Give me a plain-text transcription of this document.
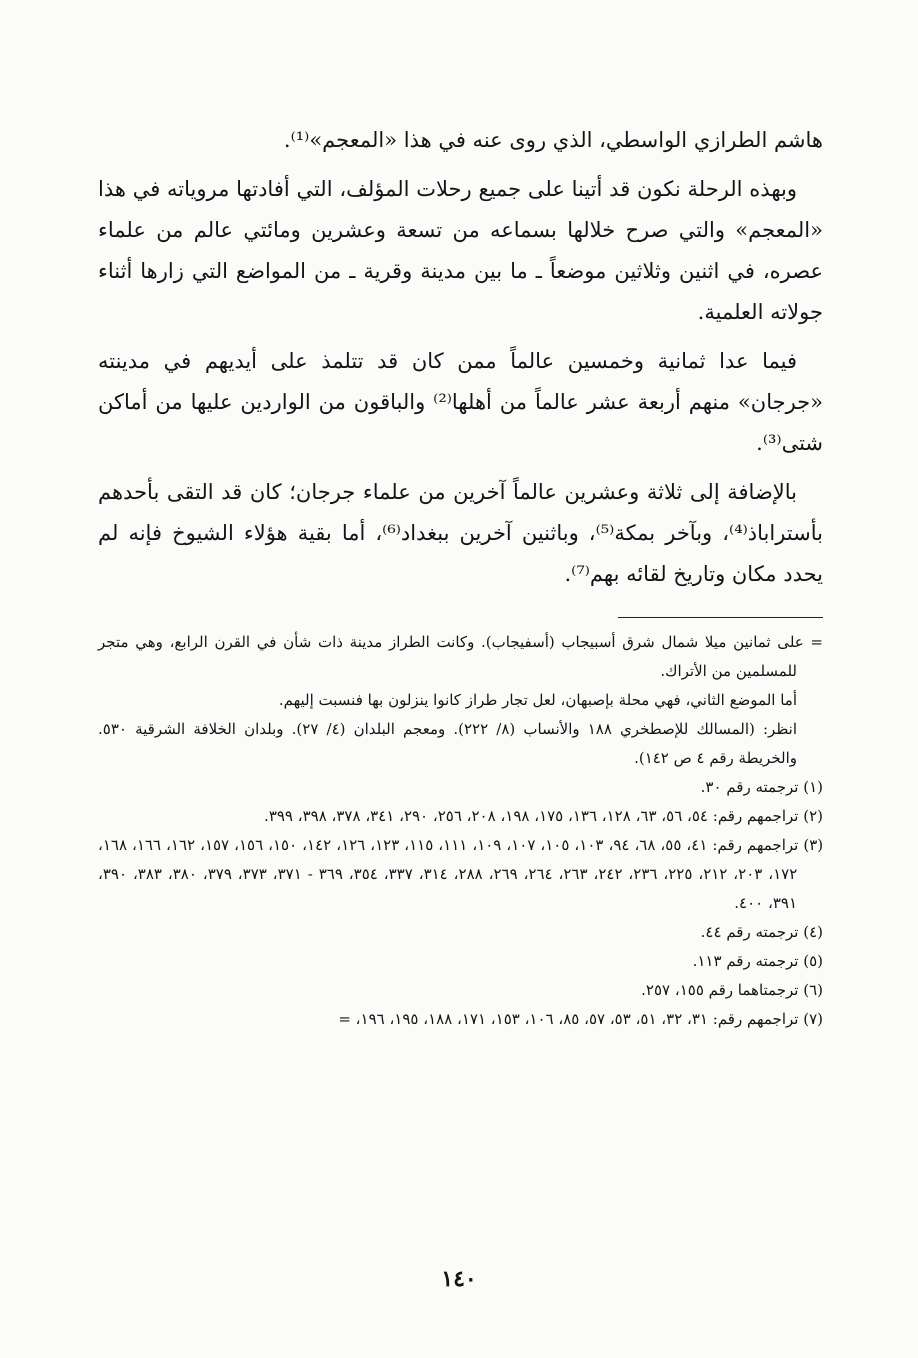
هاشم الطرازي الواسطي، الذي روى عنه في هذا «المعجم»⁽¹⁾.

وبهذه الرحلة نكون قد أتينا على جميع رحلات المؤلف، التي أفادتها مروياته في هذا «المعجم» والتي صرح خلالها بسماعه من تسعة وعشرين ومائتي عالم من علماء عصره، في اثنين وثلاثين موضعاً ـ ما بين مدينة وقرية ـ من المواضع التي زارها أثناء جولاته العلمية.

فيما عدا ثمانية وخمسين عالماً ممن كان قد تتلمذ على أيديهم في مدينته «جرجان» منهم أربعة عشر عالماً من أهلها⁽²⁾ والباقون من الواردين عليها من أماكن شتى⁽³⁾.

بالإضافة إلى ثلاثة وعشرين عالماً آخرين من علماء جرجان؛ كان قد التقى بأحدهم بأستراباذ⁽⁴⁾، وبآخر بمكة⁽⁵⁾، وباثنين آخرين ببغداد⁽⁶⁾، أما بقية هؤلاء الشيوخ فإنه لم يحدد مكان وتاريخ لقائه بهم⁽⁷⁾.

= على ثمانين ميلا شمال شرق أسبيجاب (أسفيجاب). وكانت الطراز مدينة ذات شأن في القرن الرابع، وهي متجر للمسلمين من الأتراك.
أما الموضع الثاني، فهي محلة بإصبهان، لعل تجار طراز كانوا ينزلون بها فنسبت إليهم.
انظر: (المسالك للإصطخري ١٨٨ والأنساب (٨/ ٢٢٢). ومعجم البلدان (٤/ ٢٧). وبلدان الخلافة الشرقية ٥٣٠. والخريطة رقم ٤ ص ١٤٢).
(١) ترجمته رقم ٣٠.
(٢) تراجمهم رقم: ٥٤، ٥٦، ٦٣، ١٢٨، ١٣٦، ١٧٥، ١٩٨، ٢٠٨، ٢٥٦، ٢٩٠، ٣٤١، ٣٧٨، ٣٩٨، ٣٩٩.
(٣) تراجمهم رقم: ٤١، ٥٥، ٦٨، ٩٤، ١٠٣، ١٠٥، ١٠٧، ١٠٩، ١١١، ١١٥، ١٢٣، ١٢٦، ١٤٢، ١٥٠، ١٥٦، ١٥٧، ١٦٢، ١٦٦، ١٦٨، ١٧٢، ٢٠٣، ٢١٢، ٢٢٥، ٢٣٦، ٢٤٢، ٢٦٣، ٢٦٤، ٢٦٩، ٢٨٨، ٣١٤، ٣٣٧، ٣٥٤، ٣٦٩ - ٣٧١، ٣٧٣، ٣٧٩، ٣٨٠، ٣٨٣، ٣٩٠، ٣٩١، ٤٠٠.
(٤) ترجمته رقم ٤٤.
(٥) ترجمته رقم ١١٣.
(٦) ترجمتاهما رقم ١٥٥، ٢٥٧.
(٧) تراجمهم رقم: ٣١، ٣٢، ٥١، ٥٣، ٥٧، ٨٥، ١٠٦، ١٥٣، ١٧١، ١٨٨، ١٩٥، ١٩٦، =
١٤٠
